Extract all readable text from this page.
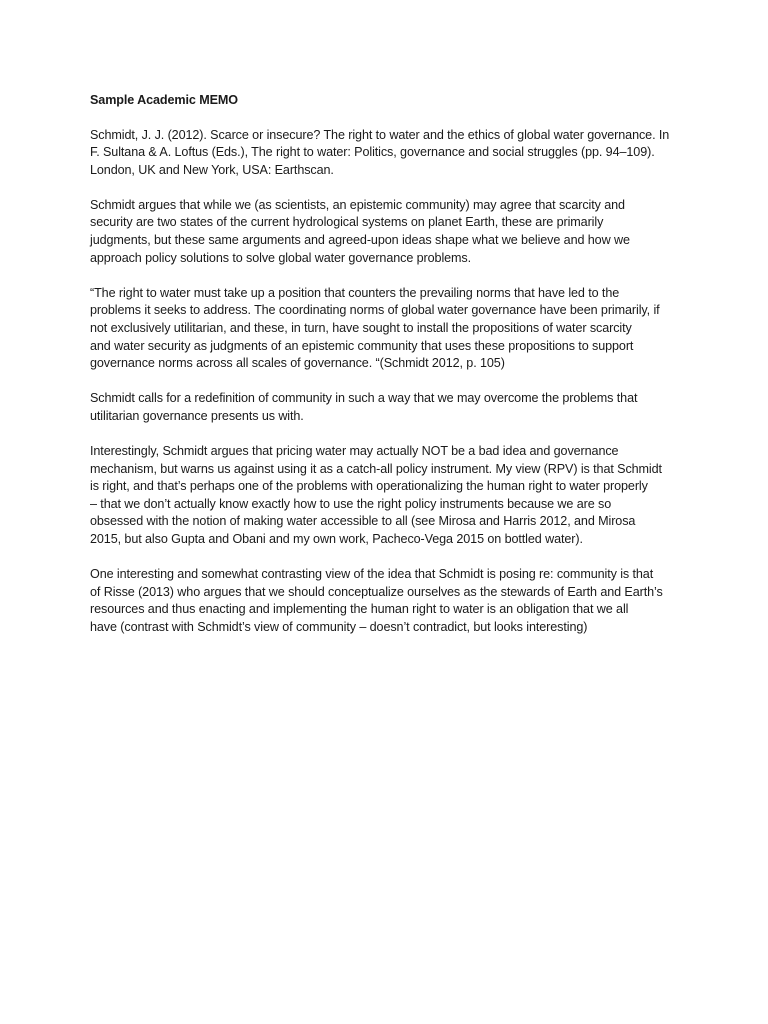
Sample Academic MEMO
Schmidt, J. J. (2012). Scarce or insecure? The right to water and the ethics of global water governance. In
F. Sultana & A. Loftus (Eds.), The right to water: Politics, governance and social struggles (pp. 94–109).
London, UK and New York, USA: Earthscan.
Schmidt argues that while we (as scientists, an epistemic community) may agree that scarcity and
security are two states of the current hydrological systems on planet Earth, these are primarily
judgments, but these same arguments and agreed-upon ideas shape what we believe and how we
approach policy solutions to solve global water governance problems.
“The right to water must take up a position that counters the prevailing norms that have led to the
problems it seeks to address. The coordinating norms of global water governance have been primarily, if
not exclusively utilitarian, and these, in turn, have sought to install the propositions of water scarcity
and water security as judgments of an epistemic community that uses these propositions to support
governance norms across all scales of governance. “(Schmidt 2012, p. 105)
Schmidt calls for a redefinition of community in such a way that we may overcome the problems that
utilitarian governance presents us with.
Interestingly, Schmidt argues that pricing water may actually NOT be a bad idea and governance
mechanism, but warns us against using it as a catch-all policy instrument. My view (RPV) is that Schmidt
is right, and that’s perhaps one of the problems with operationalizing the human right to water properly
– that we don’t actually know exactly how to use the right policy instruments because we are so
obsessed with the notion of making water accessible to all (see Mirosa and Harris 2012, and Mirosa
2015, but also Gupta and Obani and my own work, Pacheco-Vega 2015 on bottled water).
One interesting and somewhat contrasting view of the idea that Schmidt is posing re: community is that
of Risse (2013) who argues that we should conceptualize ourselves as the stewards of Earth and Earth’s
resources and thus enacting and implementing the human right to water is an obligation that we all
have (contrast with Schmidt’s view of community – doesn’t contradict, but looks interesting)
